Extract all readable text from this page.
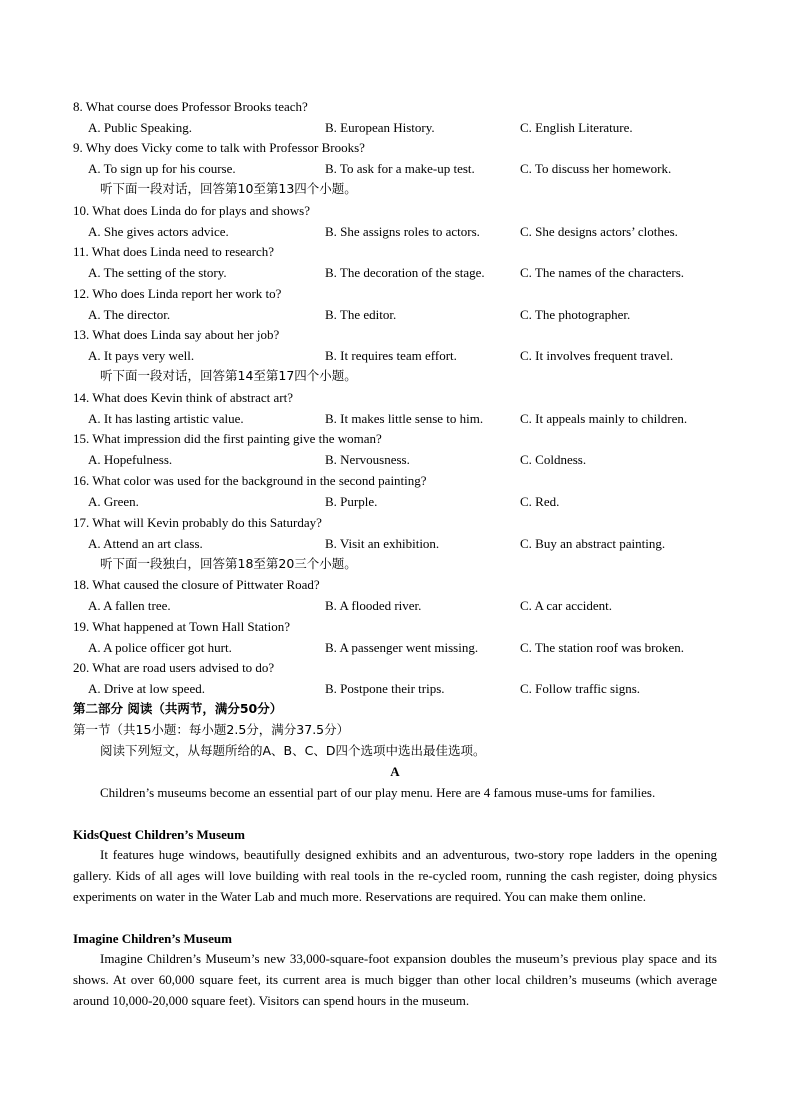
8. What course does Professor Brooks teach?
A. Public Speaking.	B. European History.	C. English Literature.
9. Why does Vicky come to talk with Professor Brooks?
A. To sign up for his course.	B. To ask for a make-up test.	C. To discuss her homework.
听下面一段对话，回答第10至第13四个小题。
10. What does Linda do for plays and shows?
A. She gives actors advice.	B. She assigns roles to actors.	C. She designs actors’ clothes.
11. What does Linda need to research?
A. The setting of the story.	B. The decoration of the stage.	C. The names of the characters.
12. Who does Linda report her work to?
A. The director.	B. The editor.	C. The photographer.
13. What does Linda say about her job?
A. It pays very well.	B. It requires team effort.	C. It involves frequent travel.
听下面一段对话，回答第14至第17四个小题。
14. What does Kevin think of abstract art?
A. It has lasting artistic value.	B. It makes little sense to him.	C. It appeals mainly to children.
15. What impression did the first painting give the woman?
A. Hopefulness.	B. Nervousness.	C. Coldness.
16. What color was used for the background in the second painting?
A. Green.	B. Purple.	C. Red.
17. What will Kevin probably do this Saturday?
A. Attend an art class.	B. Visit an exhibition.	C. Buy an abstract painting.
听下面一段独白，回答第18至第20三个小题。
18. What caused the closure of Pittwater Road?
A. A fallen tree.	B. A flooded river.	C. A car accident.
19. What happened at Town Hall Station?
A. A police officer got hurt.	B. A passenger went missing.	C. The station roof was broken.
20. What are road users advised to do?
A. Drive at low speed.	B. Postpone their trips.	C. Follow traffic signs.
第二部分 阅读（共两节，满分50分）
第一节（共15小题：每小题2.5分，满分37.5分）
阅读下列短文，从每题所给的A、B、C、D四个选项中选出最佳选项。
A
Children’s museums become an essential part of our play menu. Here are 4 famous muse-ums for families.
KidsQuest Children’s Museum
It features huge windows, beautifully designed exhibits and an adventurous, two-story rope ladders in the opening gallery. Kids of all ages will love building with real tools in the re-cycled room, running the cash register, doing physics experiments on water in the Water Lab and much more. Reservations are required. You can make them online.
Imagine Children’s Museum
Imagine Children’s Museum’s new 33,000-square-foot expansion doubles the museum’s previous play space and its shows. At over 60,000 square feet, its current area is much bigger than other local children’s museums (which average around 10,000-20,000 square feet). Visitors can spend hours in the museum.
